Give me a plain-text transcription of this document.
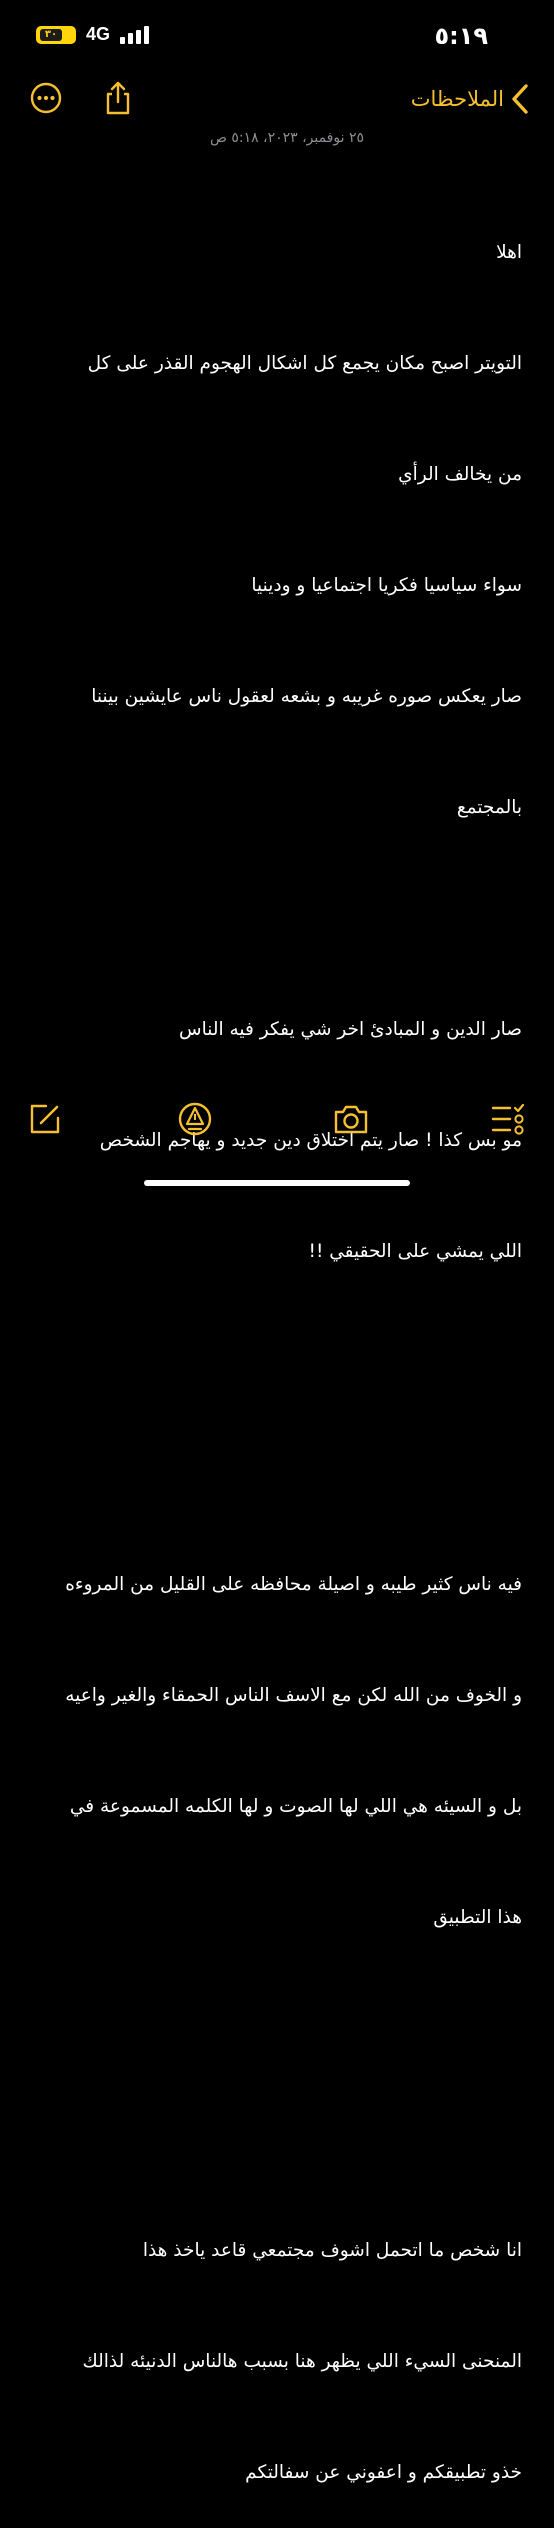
٣٠ 4G	٥:١٩
الملاحظات
٢٥ نوفمبر، ٢٠٢٣، ٥:١٨ ص

اهلا

التويتر اصبح مكان يجمع كل اشكال الهجوم القذر على كل

من يخالف الرأي

سواء سياسيا فكريا اجتماعيا و ودينيا

صار يعكس صوره غريبه و بشعه لعقول ناس عايشين بيننا

بالمجتمع

صار الدين و المبادئ اخر شي يفكر فيه الناس

مو بس كذا ! صار يتم اختلاق دين جديد و يهاجم الشخص

اللي يمشي على الحقيقي !!

فيه ناس كثير طيبه و اصيلة محافظه على القليل من المروءه

و الخوف من الله لكن مع الاسف الناس الحمقاء والغير واعيه

بل و السيئه هي اللي لها الصوت و لها الكلمه المسموعة في

هذا التطبيق

انا شخص ما اتحمل اشوف مجتمعي قاعد ياخذ هذا

المنحنى السيء اللي يظهر هنا بسبب هالناس الدنيئه لذالك

خذو تطبيقكم و اعفوني عن سفالتكم
